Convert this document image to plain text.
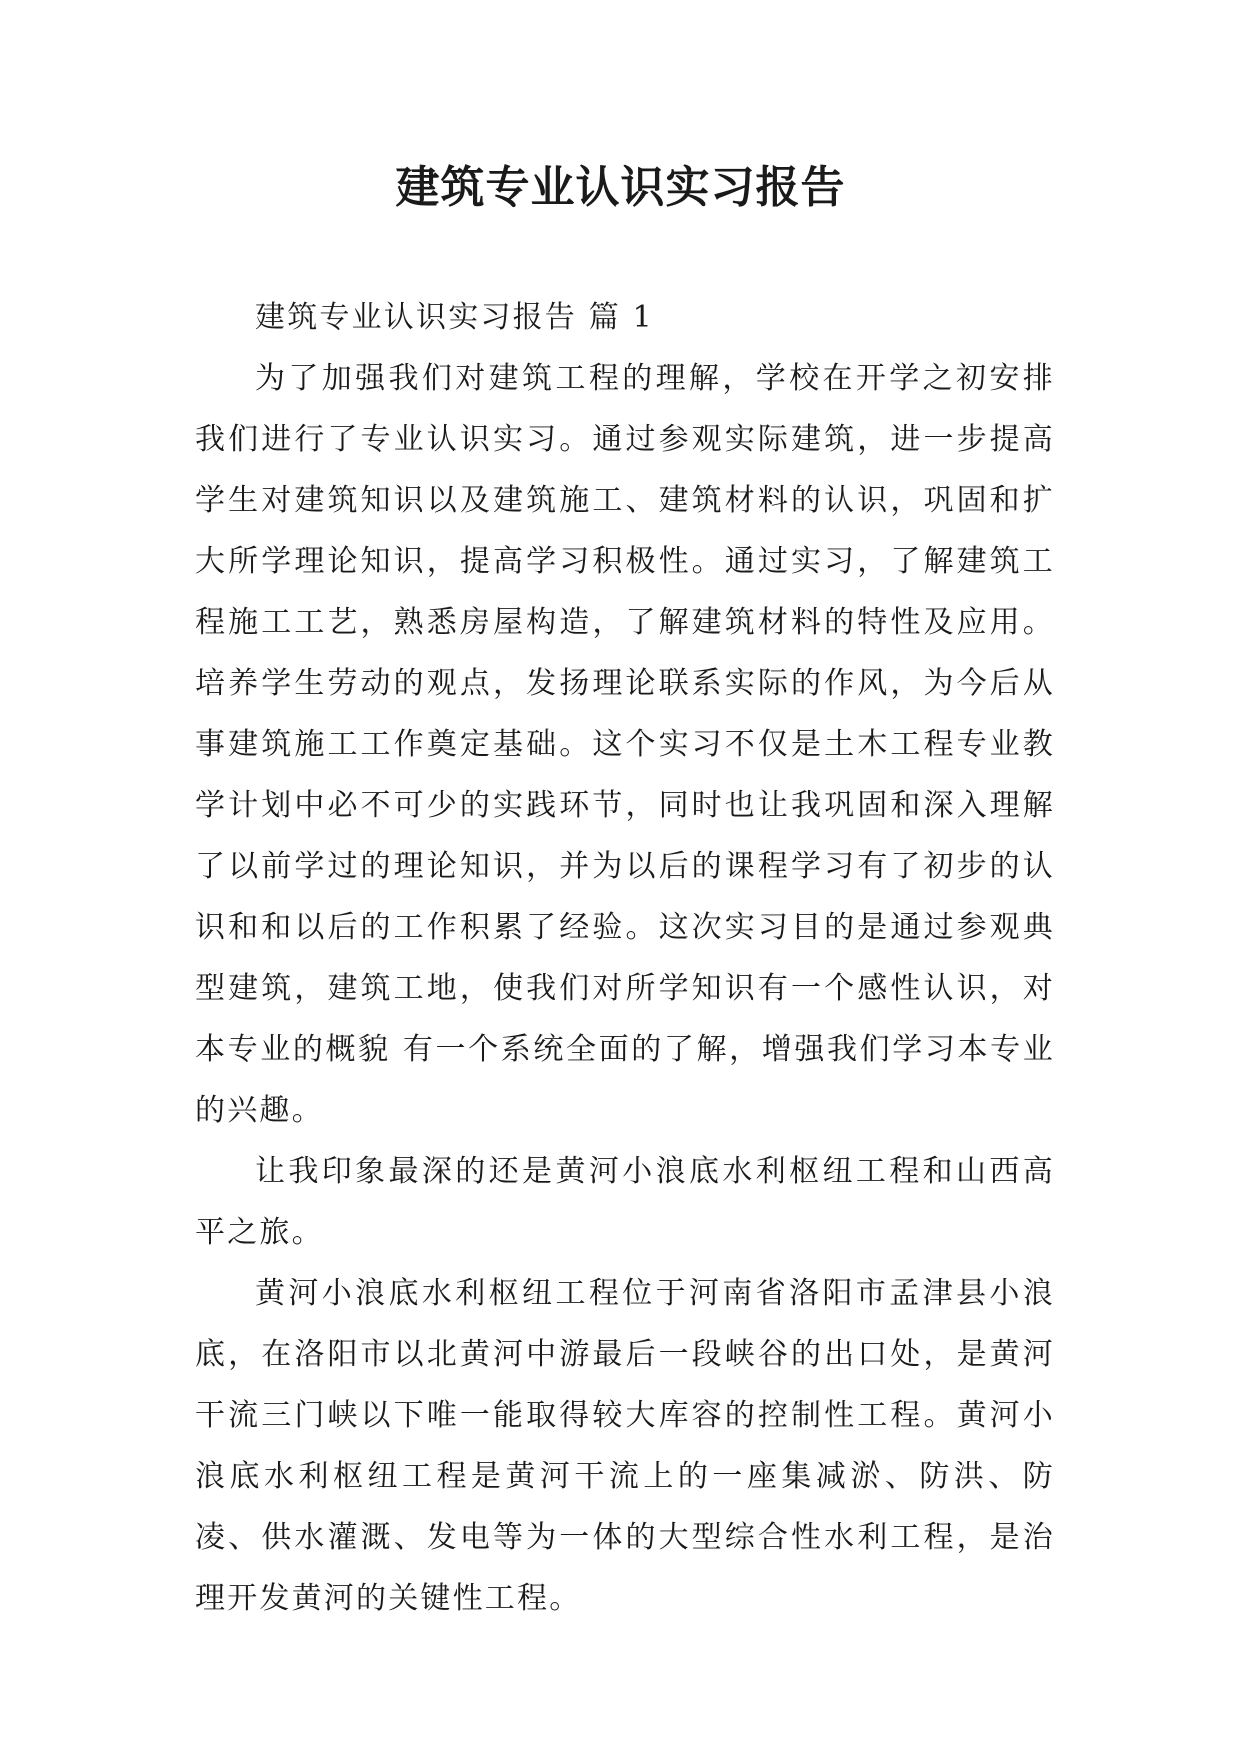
建筑专业认识实习报告

建筑专业认识实习报告 篇 1

为了加强我们对建筑工程的理解，学校在开学之初安排我们进行了专业认识实习。通过参观实际建筑，进一步提高学生对建筑知识以及建筑施工、建筑材料的认识，巩固和扩大所学理论知识，提高学习积极性。通过实习，了解建筑工程施工工艺，熟悉房屋构造，了解建筑材料的特性及应用。培养学生劳动的观点，发扬理论联系实际的作风，为今后从事建筑施工工作奠定基础。这个实习不仅是土木工程专业教学计划中必不可少的实践环节，同时也让我巩固和深入理解了以前学过的理论知识，并为以后的课程学习有了初步的认识和和以后的工作积累了经验。这次实习目的是通过参观典型建筑，建筑工地，使我们对所学知识有一个感性认识，对本专业的概貌 有一个系统全面的了解，增强我们学习本专业的兴趣。

让我印象最深的还是黄河小浪底水利枢纽工程和山西高平之旅。

黄河小浪底水利枢纽工程位于河南省洛阳市孟津县小浪底，在洛阳市以北黄河中游最后一段峡谷的出口处，是黄河干流三门峡以下唯一能取得较大库容的控制性工程。黄河小浪底水利枢纽工程是黄河干流上的一座集减淤、防洪、防凌、供水灌溉、发电等为一体的大型综合性水利工程，是治理开发黄河的关键性工程。
